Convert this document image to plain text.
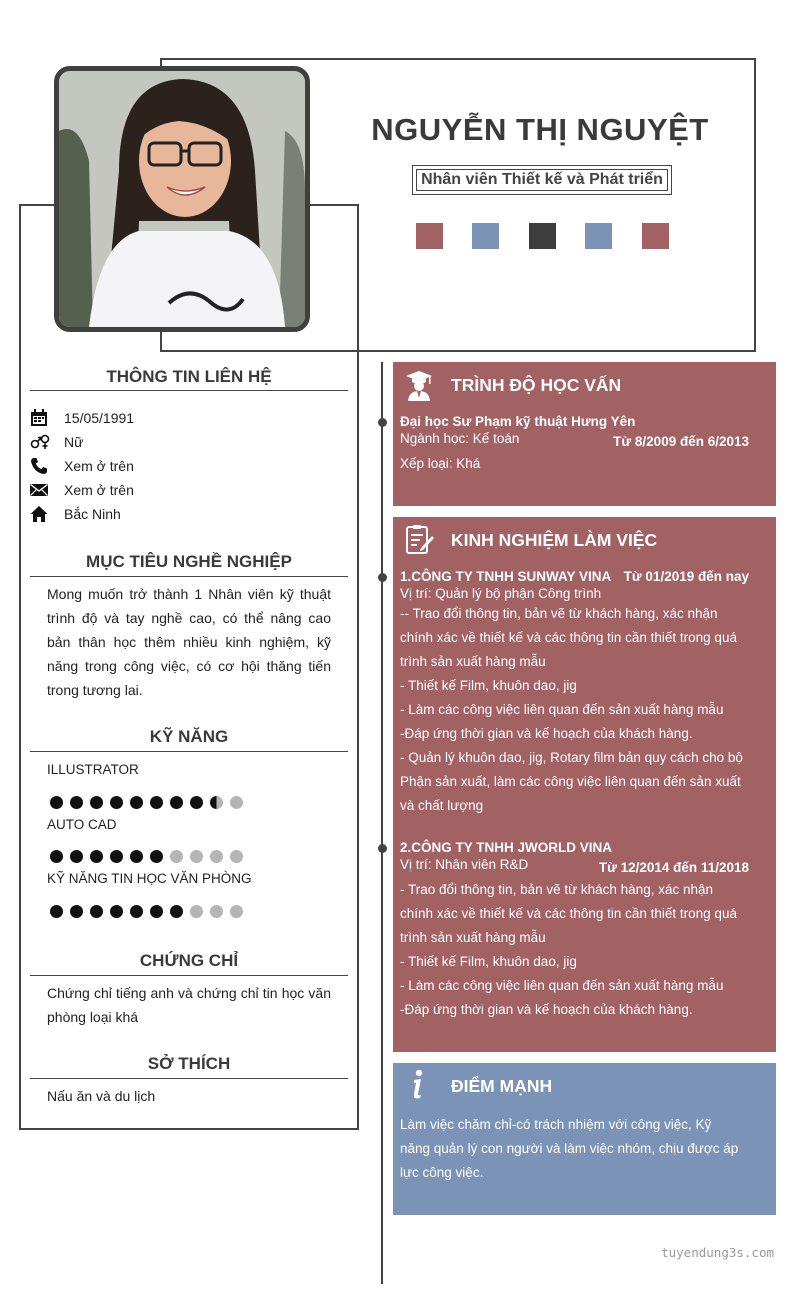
NGUYỄN THỊ NGUYỆT
Nhân viên Thiết kế và Phát triển
THÔNG TIN LIÊN HỆ
15/05/1991
Nữ
Xem ở trên
Xem ở trên
Bắc Ninh
MỤC TIÊU NGHỀ NGHIỆP
Mong muốn trở thành 1 Nhân viên kỹ thuật trình độ và tay nghề cao, có thể nâng cao bản thân học thêm nhiều kinh nghiệm, kỹ năng trong công việc, có cơ hội thăng tiến trong tương lai.
KỸ NĂNG
ILLUSTRATOR
AUTO CAD
KỸ NĂNG TIN HỌC VĂN PHÒNG
CHỨNG CHỈ
Chứng chỉ tiếng anh và chứng chỉ tin học văn phòng loại khá
SỞ THÍCH
Nấu ăn và du lịch
TRÌNH ĐỘ HỌC VẤN
Đại học Sư Phạm kỹ thuật Hưng Yên
Ngành học: Kế toán	Từ 8/2009 đến 6/2013
Xếp loại: Khá
KINH NGHIỆM LÀM VIỆC
1.CÔNG TY TNHH SUNWAY VINA Từ 01/2019 đến nay
Vị trí: Quản lý bộ phận Công trình
-- Trao đổi thông tin, bản vẽ từ khách hàng, xác nhận
chính xác về thiết kế và các thông tin cần thiết trong quá
trình sản xuất hàng mẫu
- Thiết kế Film, khuôn dao, jig
- Làm các công việc liên quan đến sản xuất hàng mẫu
-Đáp ứng thời gian và kế hoạch của khách hàng.
- Quản lý khuôn dao, jig, Rotary film bản quy cách cho bộ
Phận sản xuất, làm các công việc liên quan đến sản xuất
và chất lượng
2.CÔNG TY TNHH JWORLD VINA
Vị trí: Nhân viên R&D	Từ 12/2014 đến 11/2018
- Trao đổi thông tin, bản vẽ từ khách hàng, xác nhận
chính xác về thiết kế và các thông tin cần thiết trong quá
trình sản xuất hàng mẫu
- Thiết kế Film, khuôn dao, jig
- Làm các công việc liên quan đến sản xuất hàng mẫu
-Đáp ứng thời gian và kế hoạch của khách hàng.
ĐIỂM MẠNH
Làm việc chăm chỉ-có trách nhiệm với công việc, Kỹ
năng quản lý con người và làm việc nhóm, chịu được áp
lực công việc.
tuyendung3s.com
